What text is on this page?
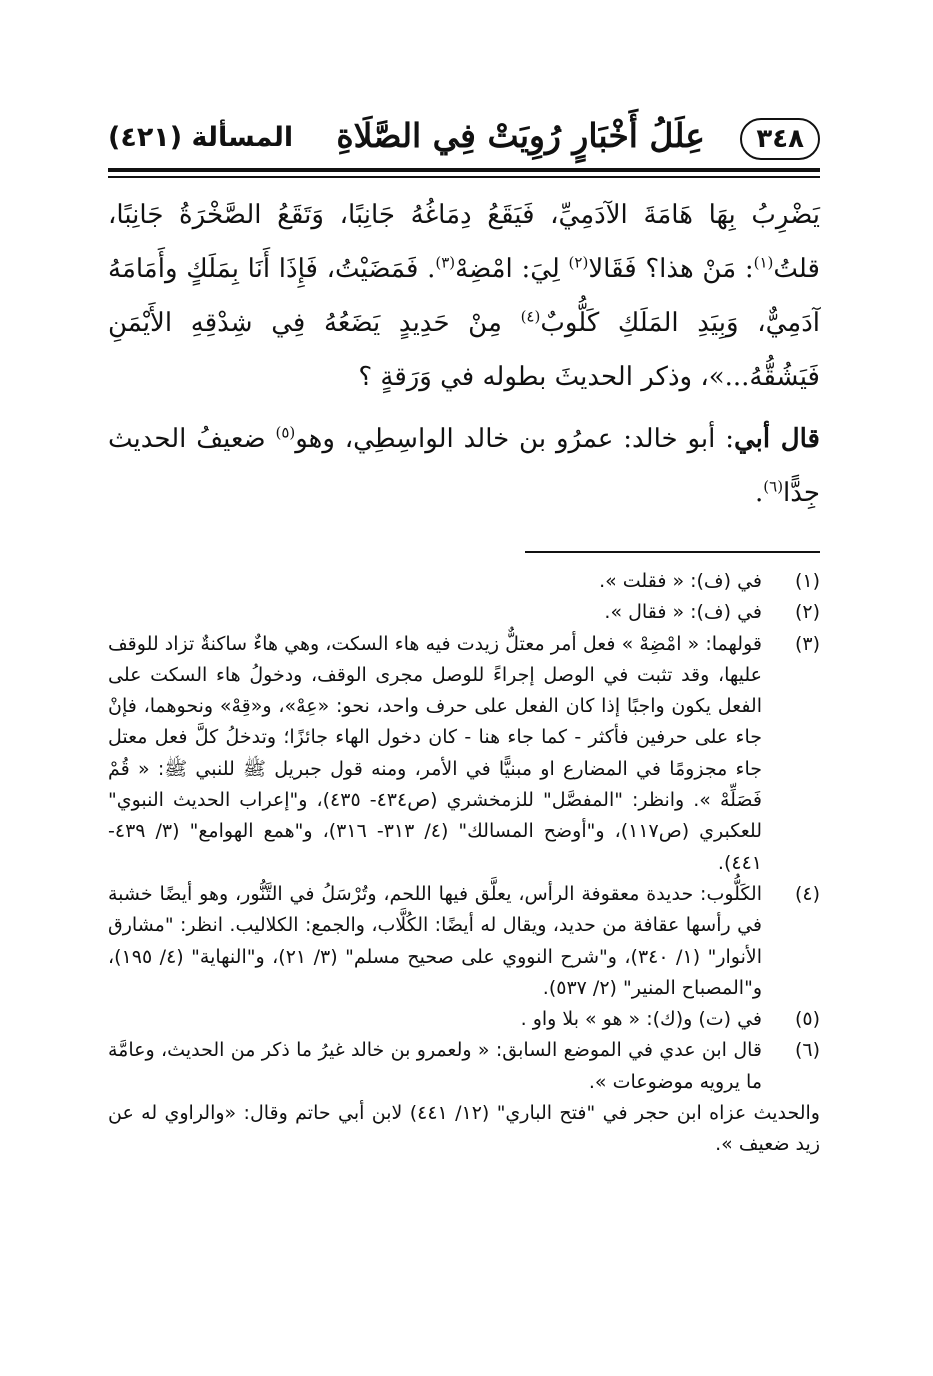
٣٤٨
عِلَلُ أَخْبَارٍ رُوِيَتْ فِي الصَّلَاةِ
المسألة (٤٢١)

يَضْرِبُ بِهَا هَامَةَ الآدَمِيِّ، فَيَقَعُ دِمَاغُهُ جَانِبًا، وَتَقَعُ الصَّخْرَةُ جَانِبًا، قلتُ$^{(١)}$: مَنْ هذا؟ فَقَالا$^{(٢)}$ لِيَ: امْضِهْ$^{(٣)}$. فَمَضَيْتُ، فَإِذَا أَنَا بِمَلَكٍ وأَمَامَهُ آدَمِيٌّ، وَبِيَدِ المَلَكِ كَلُّوبٌ$^{(٤)}$ مِنْ حَدِيدٍ يَضَعُهُ فِي شِدْقِهِ الأَيْمَنِ فَيَشُقُّهُ...»، وذكر الحديثَ بطوله في وَرَقةٍ ؟

قال أبي: أبو خالد: عمرُو بن خالد الواسِطِي، وهو$^{(٥)}$ ضعيفُ الحديث جِدًّا$^{(٦)}$.

(١)
في (ف): « فقلت ».
(٢)
في (ف): « فقال ».
(٣)
قولهما: « امْضِهْ » فعل أمر معتلٌّ زيدت فيه هاء السكت، وهي هاءٌ ساكنةٌ تزاد للوقف عليها، وقد تثبت في الوصل إجراءً للوصل مجرى الوقف، ودخولُ هاء السكت على الفعل يكون واجبًا إذا كان الفعل على حرف واحد، نحو: «عِهْ»، و«قِهْ» ونحوهما، فإنْ جاء على حرفين فأكثر - كما جاء هنا - كان دخول الهاء جائزًا؛ وتدخلُ كلَّ فعل معتل جاء مجزومًا في المضارع او مبنيًّا في الأمر، ومنه قول جبريل ﷺ للنبي ﷺ: « قُمْ فَصَلِّهْ ». وانظر: "المفصَّل" للزمخشري (ص٤٣٤- ٤٣٥)، و"إعراب الحديث النبوي" للعكبري (ص١١٧)، و"أوضح المسالك" (٤/ ٣١٣- ٣١٦)، و"همع الهوامع" (٣/ ٤٣٩- ٤٤١).
(٤)
الكَلُّوب: حديدة معقوفة الرأس، يعلَّق فيها اللحم، وتُرْسَلُ في التَّنُّور، وهو أيضًا خشبة في رأسها عقافة من حديد، ويقال له أيضًا: الكُلَّاب، والجمع: الكلاليب. انظر: "مشارق الأنوار" (١/ ٣٤٠)، و"شرح النووي على صحيح مسلم" (٣/ ٢١)، و"النهاية" (٤/ ١٩٥)، و"المصباح المنير" (٢/ ٥٣٧).
(٥)
في (ت) و(ك): « هو » بلا واو .
(٦)
قال ابن عدي في الموضع السابق: « ولعمرو بن خالد غيرُ ما ذكر من الحديث، وعامَّة ما يرويه موضوعات ».
والحديث عزاه ابن حجر في "فتح الباري" (١٢/ ٤٤١) لابن أبي حاتم وقال: «والراوي له عن زيد ضعيف ».
